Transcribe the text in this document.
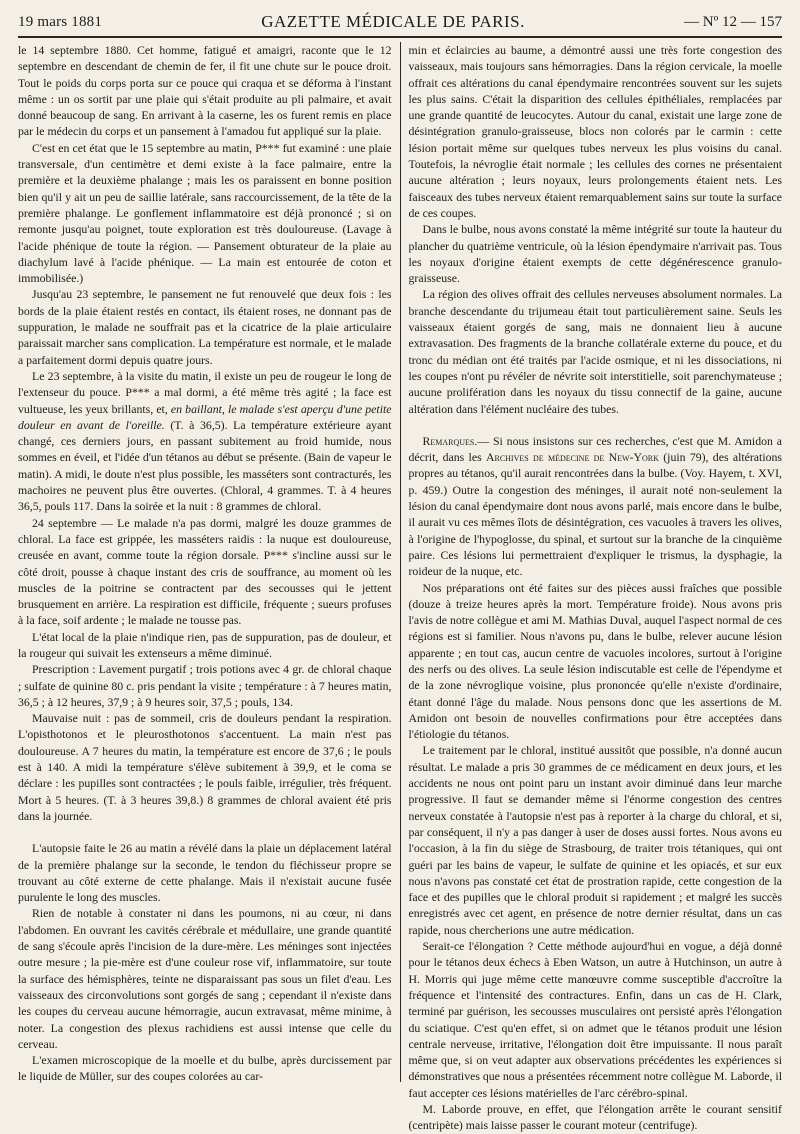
19 mars 1881	GAZETTE MÉDICALE DE PARIS.	— Nº 12 — 157

le 14 septembre 1880. Cet homme, fatigué et amaigri, raconte que le 12 septembre en descendant de chemin de fer, il fit une chute sur le pouce droit. Tout le poids du corps porta sur ce pouce qui craqua et se déforma à l'instant même : un os sortit par une plaie qui s'était produite au pli palmaire, et avait donné beaucoup de sang. En arrivant à la caserne, les os furent remis en place par le médecin du corps et un pansement à l'amadou fut appliqué sur la plaie.

C'est en cet état que le 15 septembre au matin, P*** fut examiné : une plaie transversale, d'un centimètre et demi existe à la face palmaire, entre la première et la deuxième phalange ; mais les os paraissent en bonne position bien qu'il y ait un peu de saillie latérale, sans raccourcissement, de la tête de la première phalange. Le gonflement inflammatoire est déjà prononcé ; si on remonte jusqu'au poignet, toute exploration est très douloureuse. (Lavage à l'acide phénique de toute la région. — Pansement obturateur de la plaie au diachylum lavé à l'acide phénique. — La main est entourée de coton et immobilisée.)

Jusqu'au 23 septembre, le pansement ne fut renouvelé que deux fois : les bords de la plaie étaient restés en contact, ils étaient roses, ne donnant pas de suppuration, le malade ne souffrait pas et la cicatrice de la plaie articulaire paraissait marcher sans complication. La température est normale, et le malade a parfaitement dormi depuis quatre jours.

Le 23 septembre, à la visite du matin, il existe un peu de rougeur le long de l'extenseur du pouce. P*** a mal dormi, a été même très agité ; la face est vultueuse, les yeux brillants, et, en baillant, le malade s'est aperçu d'une petite douleur en avant de l'oreille. (T. à 36,5). La température extérieure ayant changé, ces derniers jours, en passant subitement au froid humide, nous sommes en éveil, et l'idée d'un tétanos au début se présente. (Bain de vapeur le matin). A midi, le doute n'est plus possible, les masséters sont contracturés, les machoires ne peuvent plus être ouvertes. (Chloral, 4 grammes. T. à 4 heures 36,5, pouls 117. Dans la soirée et la nuit : 8 grammes de chloral.

24 septembre — Le malade n'a pas dormi, malgré les douze grammes de chloral. La face est grippée, les masséters raidis : la nuque est douloureuse, creusée en avant, comme toute la région dorsale. P*** s'incline aussi sur le côté droit, pousse à chaque instant des cris de souffrance, au moment où les muscles de la poitrine se contractent par des secousses qui le jettent brusquement en arrière. La respiration est difficile, fréquente ; sueurs profuses à la face, soif ardente ; le malade ne tousse pas.

L'état local de la plaie n'indique rien, pas de suppuration, pas de douleur, et la rougeur qui suivait les extenseurs a même diminué.

Prescription : Lavement purgatif ; trois potions avec 4 gr. de chloral chaque ; sulfate de quinine 80 c. pris pendant la visite ; température : à 7 heures matin, 36,5 ; à 12 heures, 37,9 ; à 9 heures soir, 37,5 ; pouls, 134.

Mauvaise nuit : pas de sommeil, cris de douleurs pendant la respiration. L'opisthotonos et le pleurosthotonos s'accentuent. La main n'est pas douloureuse. A 7 heures du matin, la température est encore de 37,6 ; le pouls est à 140. A midi la température s'élève subitement à 39,9, et le coma se déclare : les pupilles sont contractées ; le pouls faible, irrégulier, très fréquent. Mort à 5 heures. (T. à 3 heures 39,8.) 8 grammes de chloral avaient été pris dans la journée.

L'autopsie faite le 26 au matin a révélé dans la plaie un déplacement latéral de la première phalange sur la seconde, le tendon du fléchisseur propre se trouvant au côté externe de cette phalange. Mais il n'existait aucune fusée purulente le long des muscles.

Rien de notable à constater ni dans les poumons, ni au cœur, ni dans l'abdomen. En ouvrant les cavités cérébrale et médullaire, une grande quantité de sang s'écoule après l'incision de la dure-mère. Les méninges sont injectées outre mesure ; la pie-mère est d'une couleur rose vif, inflammatoire, sur toute la surface des hémisphères, teinte ne disparaissant pas sous un filet d'eau. Les vaisseaux des circonvolutions sont gorgés de sang ; cependant il n'existe dans les coupes du cerveau aucune hémorragie, aucun extravasat, même minime, à noter. La congestion des plexus rachidiens est aussi intense que celle du cerveau.

L'examen microscopique de la moelle et du bulbe, après durcissement par le liquide de Müller, sur des coupes colorées au car-

min et éclaircies au baume, a démontré aussi une très forte congestion des vaisseaux, mais toujours sans hémorragies. Dans la région cervicale, la moelle offrait ces altérations du canal épendymaire rencontrées souvent sur les sujets les plus sains. C'était la disparition des cellules épithéliales, remplacées par une grande quantité de leucocytes. Autour du canal, existait une large zone de désintégration granulo-graisseuse, blocs non colorés par le carmin : cette lésion portait même sur quelques tubes nerveux les plus voisins du canal. Toutefois, la névroglie était normale ; les cellules des cornes ne présentaient aucune altération ; leurs noyaux, leurs prolongements étaient nets. Les faisceaux des tubes nerveux étaient remarquablement sains sur toute la surface de ces coupes.

Dans le bulbe, nous avons constaté la même intégrité sur toute la hauteur du plancher du quatrième ventricule, où la lésion épendymaire n'arrivait pas. Tous les noyaux d'origine étaient exempts de cette dégénérescence granulo-graisseuse.

La région des olives offrait des cellules nerveuses absolument normales. La branche descendante du trijumeau était tout particulièrement saine. Seuls les vaisseaux étaient gorgés de sang, mais ne donnaient lieu à aucune extravasation. Des fragments de la branche collatérale externe du pouce, et du tronc du médian ont été traités par l'acide osmique, et ni les dissociations, ni les coupes n'ont pu révéler de névrite soit interstitielle, soit parenchymateuse ; aucune prolifération dans les noyaux du tissu connectif de la gaine, aucune altération dans l'élément nucléaire des tubes.

Remarques.— Si nous insistons sur ces recherches, c'est que M. Amidon a décrit, dans les Archives de médecine de New-York (juin 79), des altérations propres au tétanos, qu'il aurait rencontrées dans la bulbe. (Voy. Hayem, t. XVI, p. 459.) Outre la congestion des méninges, il aurait noté non-seulement la lésion du canal épendymaire dont nous avons parlé, mais encore dans le bulbe, il aurait vu ces mêmes îlots de désintégration, ces vacuoles à travers les olives, à l'origine de l'hypoglosse, du spinal, et surtout sur la branche de la cinquième paire. Ces lésions lui permettraient d'expliquer le trismus, la dysphagie, la roideur de la nuque, etc.

Nos préparations ont été faites sur des pièces aussi fraîches que possible (douze à treize heures après la mort. Température froide). Nous avons pris l'avis de notre collègue et ami M. Mathias Duval, auquel l'aspect normal de ces régions est si familier. Nous n'avons pu, dans le bulbe, relever aucune lésion apparente ; en tout cas, aucun centre de vacuoles incolores, surtout à l'origine des nerfs ou des olives. La seule lésion indiscutable est celle de l'épendyme et de la zone névroglique voisine, plus prononcée qu'elle n'existe d'ordinaire, étant donné l'âge du malade. Nous pensons donc que les assertions de M. Amidon ont besoin de nouvelles confirmations pour être acceptées dans l'étiologie du tétanos.

Le traitement par le chloral, institué aussitôt que possible, n'a donné aucun résultat. Le malade a pris 30 grammes de ce médicament en deux jours, et les accidents ne nous ont point paru un instant avoir diminué dans leur marche progressive. Il faut se demander même si l'énorme congestion des centres nerveux constatée à l'autopsie n'est pas à reporter à la charge du chloral, et si, par conséquent, il n'y a pas danger à user de doses aussi fortes. Nous avons eu l'occasion, à la fin du siège de Strasbourg, de traiter trois tétaniques, qui ont guéri par les bains de vapeur, le sulfate de quinine et les opiacés, et sur eux nous n'avons pas constaté cet état de prostration rapide, cette congestion de la face et des pupilles que le chloral produit si rapidement ; et malgré les succès enregistrés avec cet agent, en présence de notre dernier résultat, dans un cas rapide, nous chercherions une autre médication.

Serait-ce l'élongation ? Cette méthode aujourd'hui en vogue, a déjà donné pour le tétanos deux échecs à Eben Watson, un autre à Hutchinson, un autre à H. Morris qui juge même cette manœuvre comme susceptible d'accroître la fréquence et l'intensité des contractures. Enfin, dans un cas de H. Clark, terminé par guérison, les secousses musculaires ont persisté après l'élongation du sciatique. C'est qu'en effet, si on admet que le tétanos produit une lésion centrale nerveuse, irritative, l'élongation doit être impuissante. Il nous paraît même que, si on veut adapter aux observations précédentes les expériences si démonstratives que nous a présentées récemment notre collègue M. Laborde, il faut accepter ces lésions matérielles de l'arc cérébro-spinal.

M. Laborde prouve, en effet, que l'élongation arrête le courant sensitif (centripète) mais laisse passer le courant moteur (centrifuge).
